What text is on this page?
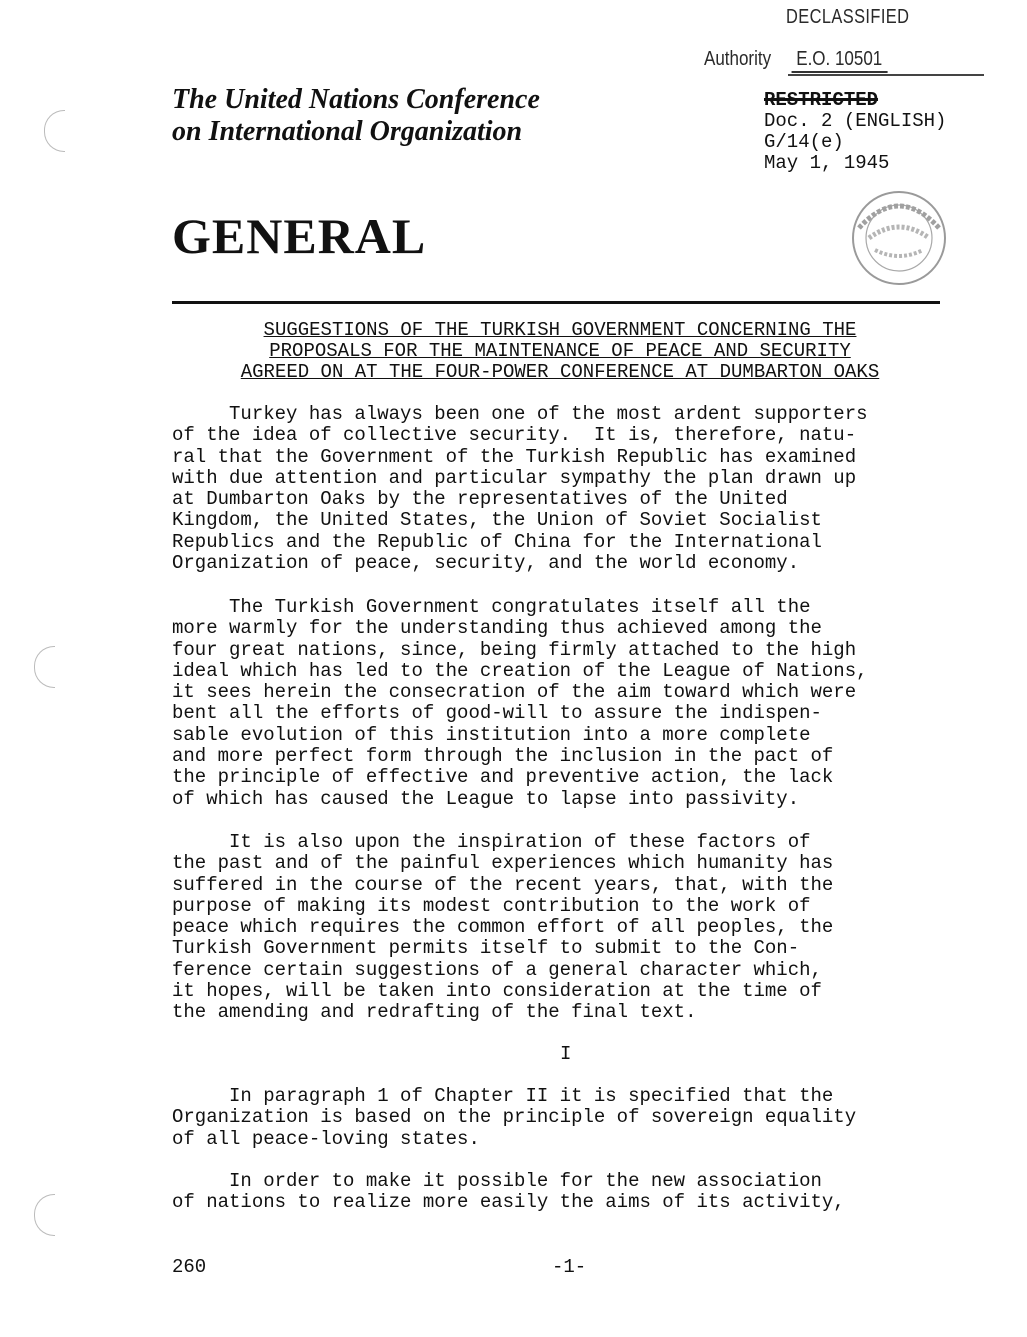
DECLASSIFIED
Authority E.O. 10501
The United Nations Conference
on International Organization
RESTRICTED
Doc. 2 (ENGLISH)
G/14(e)
May 1, 1945
GENERAL
SUGGESTIONS OF THE TURKISH GOVERNMENT CONCERNING THE
PROPOSALS FOR THE MAINTENANCE OF PEACE AND SECURITY
AGREED ON AT THE FOUR-POWER CONFERENCE AT DUMBARTON OAKS
Turkey has always been one of the most ardent supporters
of the idea of collective security.  It is, therefore, natu-
ral that the Government of the Turkish Republic has examined
with due attention and particular sympathy the plan drawn up
at Dumbarton Oaks by the representatives of the United
Kingdom, the United States, the Union of Soviet Socialist
Republics and the Republic of China for the International
Organization of peace, security, and the world economy.
The Turkish Government congratulates itself all the
more warmly for the understanding thus achieved among the
four great nations, since, being firmly attached to the high
ideal which has led to the creation of the League of Nations,
it sees herein the consecration of the aim toward which were
bent all the efforts of good-will to assure the indispen-
sable evolution of this institution into a more complete
and more perfect form through the inclusion in the pact of
the principle of effective and preventive action, the lack
of which has caused the League to lapse into passivity.
It is also upon the inspiration of these factors of
the past and of the painful experiences which humanity has
suffered in the course of the recent years, that, with the
purpose of making its modest contribution to the work of
peace which requires the common effort of all peoples, the
Turkish Government permits itself to submit to the Con-
ference certain suggestions of a general character which,
it hopes, will be taken into consideration at the time of
the amending and redrafting of the final text.
I
In paragraph 1 of Chapter II it is specified that the
Organization is based on the principle of sovereign equality
of all peace-loving states.
In order to make it possible for the new association
of nations to realize more easily the aims of its activity,
260	-1-
